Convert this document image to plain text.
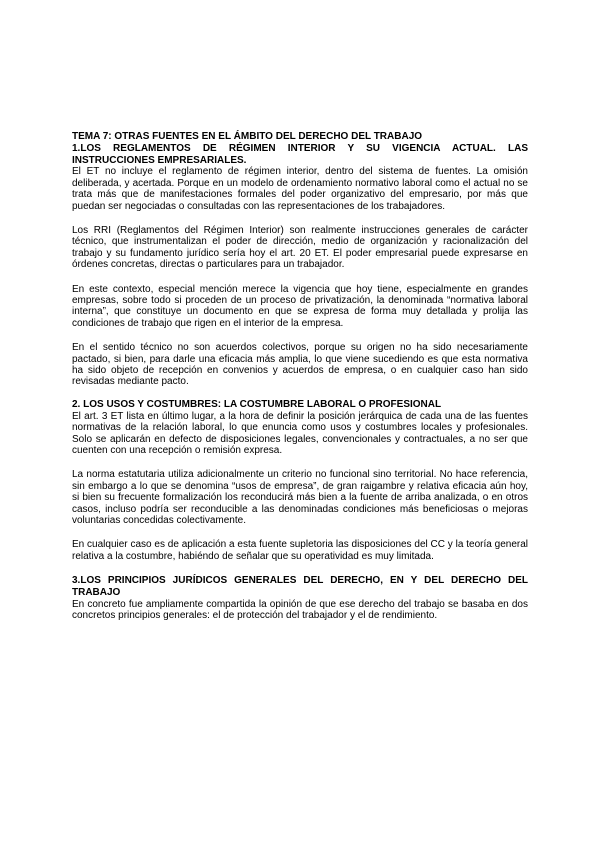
TEMA 7: OTRAS FUENTES EN EL ÁMBITO DEL DERECHO DEL TRABAJO
1.LOS REGLAMENTOS DE RÉGIMEN INTERIOR Y SU VIGENCIA ACTUAL. LAS INSTRUCCIONES EMPRESARIALES.

El ET no incluye el reglamento de régimen interior, dentro del sistema de fuentes. La omisión deliberada, y acertada. Porque en un modelo de ordenamiento normativo laboral como el actual no se trata más que de manifestaciones formales del poder organizativo del empresario, por más que puedan ser negociadas o consultadas con las representaciones de los trabajadores.

Los RRI (Reglamentos del Régimen Interior) son realmente instrucciones generales de carácter técnico, que instrumentalizan el poder de dirección, medio de organización y racionalización del trabajo y su fundamento jurídico sería hoy el art. 20 ET. El poder empresarial puede expresarse en órdenes concretas, directas o particulares para un trabajador.

En este contexto, especial mención merece la vigencia que hoy tiene, especialmente en grandes empresas, sobre todo si proceden de un proceso de privatización, la denominada “normativa laboral interna”, que constituye un documento en que se expresa de forma muy detallada y prolija las condiciones de trabajo que rigen en el interior de la empresa.

En el sentido técnico no son acuerdos colectivos, porque su origen no ha sido necesariamente pactado, si bien, para darle una eficacia más amplia, lo que viene sucediendo es que esta normativa ha sido objeto de recepción en convenios y acuerdos de empresa, o en cualquier caso han sido revisadas mediante pacto.

2. LOS USOS Y COSTUMBRES: LA COSTUMBRE LABORAL O PROFESIONAL

El art. 3 ET lista en último lugar, a la hora de definir la posición jerárquica de cada una de las fuentes normativas de la relación laboral, lo que enuncia como usos y costumbres locales y profesionales. Solo se aplicarán en defecto de disposiciones legales, convencionales y contractuales, a no ser que cuenten con una recepción o remisión expresa.

La norma estatutaria utiliza adicionalmente un criterio no funcional sino territorial. No hace referencia, sin embargo a lo que se denomina “usos de empresa”, de gran raigambre y relativa eficacia aún hoy, si bien su frecuente formalización los reconducirá más bien a la fuente de arriba analizada, o en otros casos, incluso podría ser reconducible a las denominadas condiciones más beneficiosas o mejoras voluntarias concedidas colectivamente.

En cualquier caso es de aplicación a esta fuente supletoria las disposiciones del CC y la teoría general relativa a la costumbre, habiéndo de señalar que su operatividad es muy limitada.

3.LOS PRINCIPIOS JURÍDICOS GENERALES DEL DERECHO, EN Y DEL DERECHO DEL TRABAJO

En concreto fue ampliamente compartida la opinión de que ese derecho del trabajo se basaba en dos concretos principios generales: el de protección del trabajador y el de rendimiento.
